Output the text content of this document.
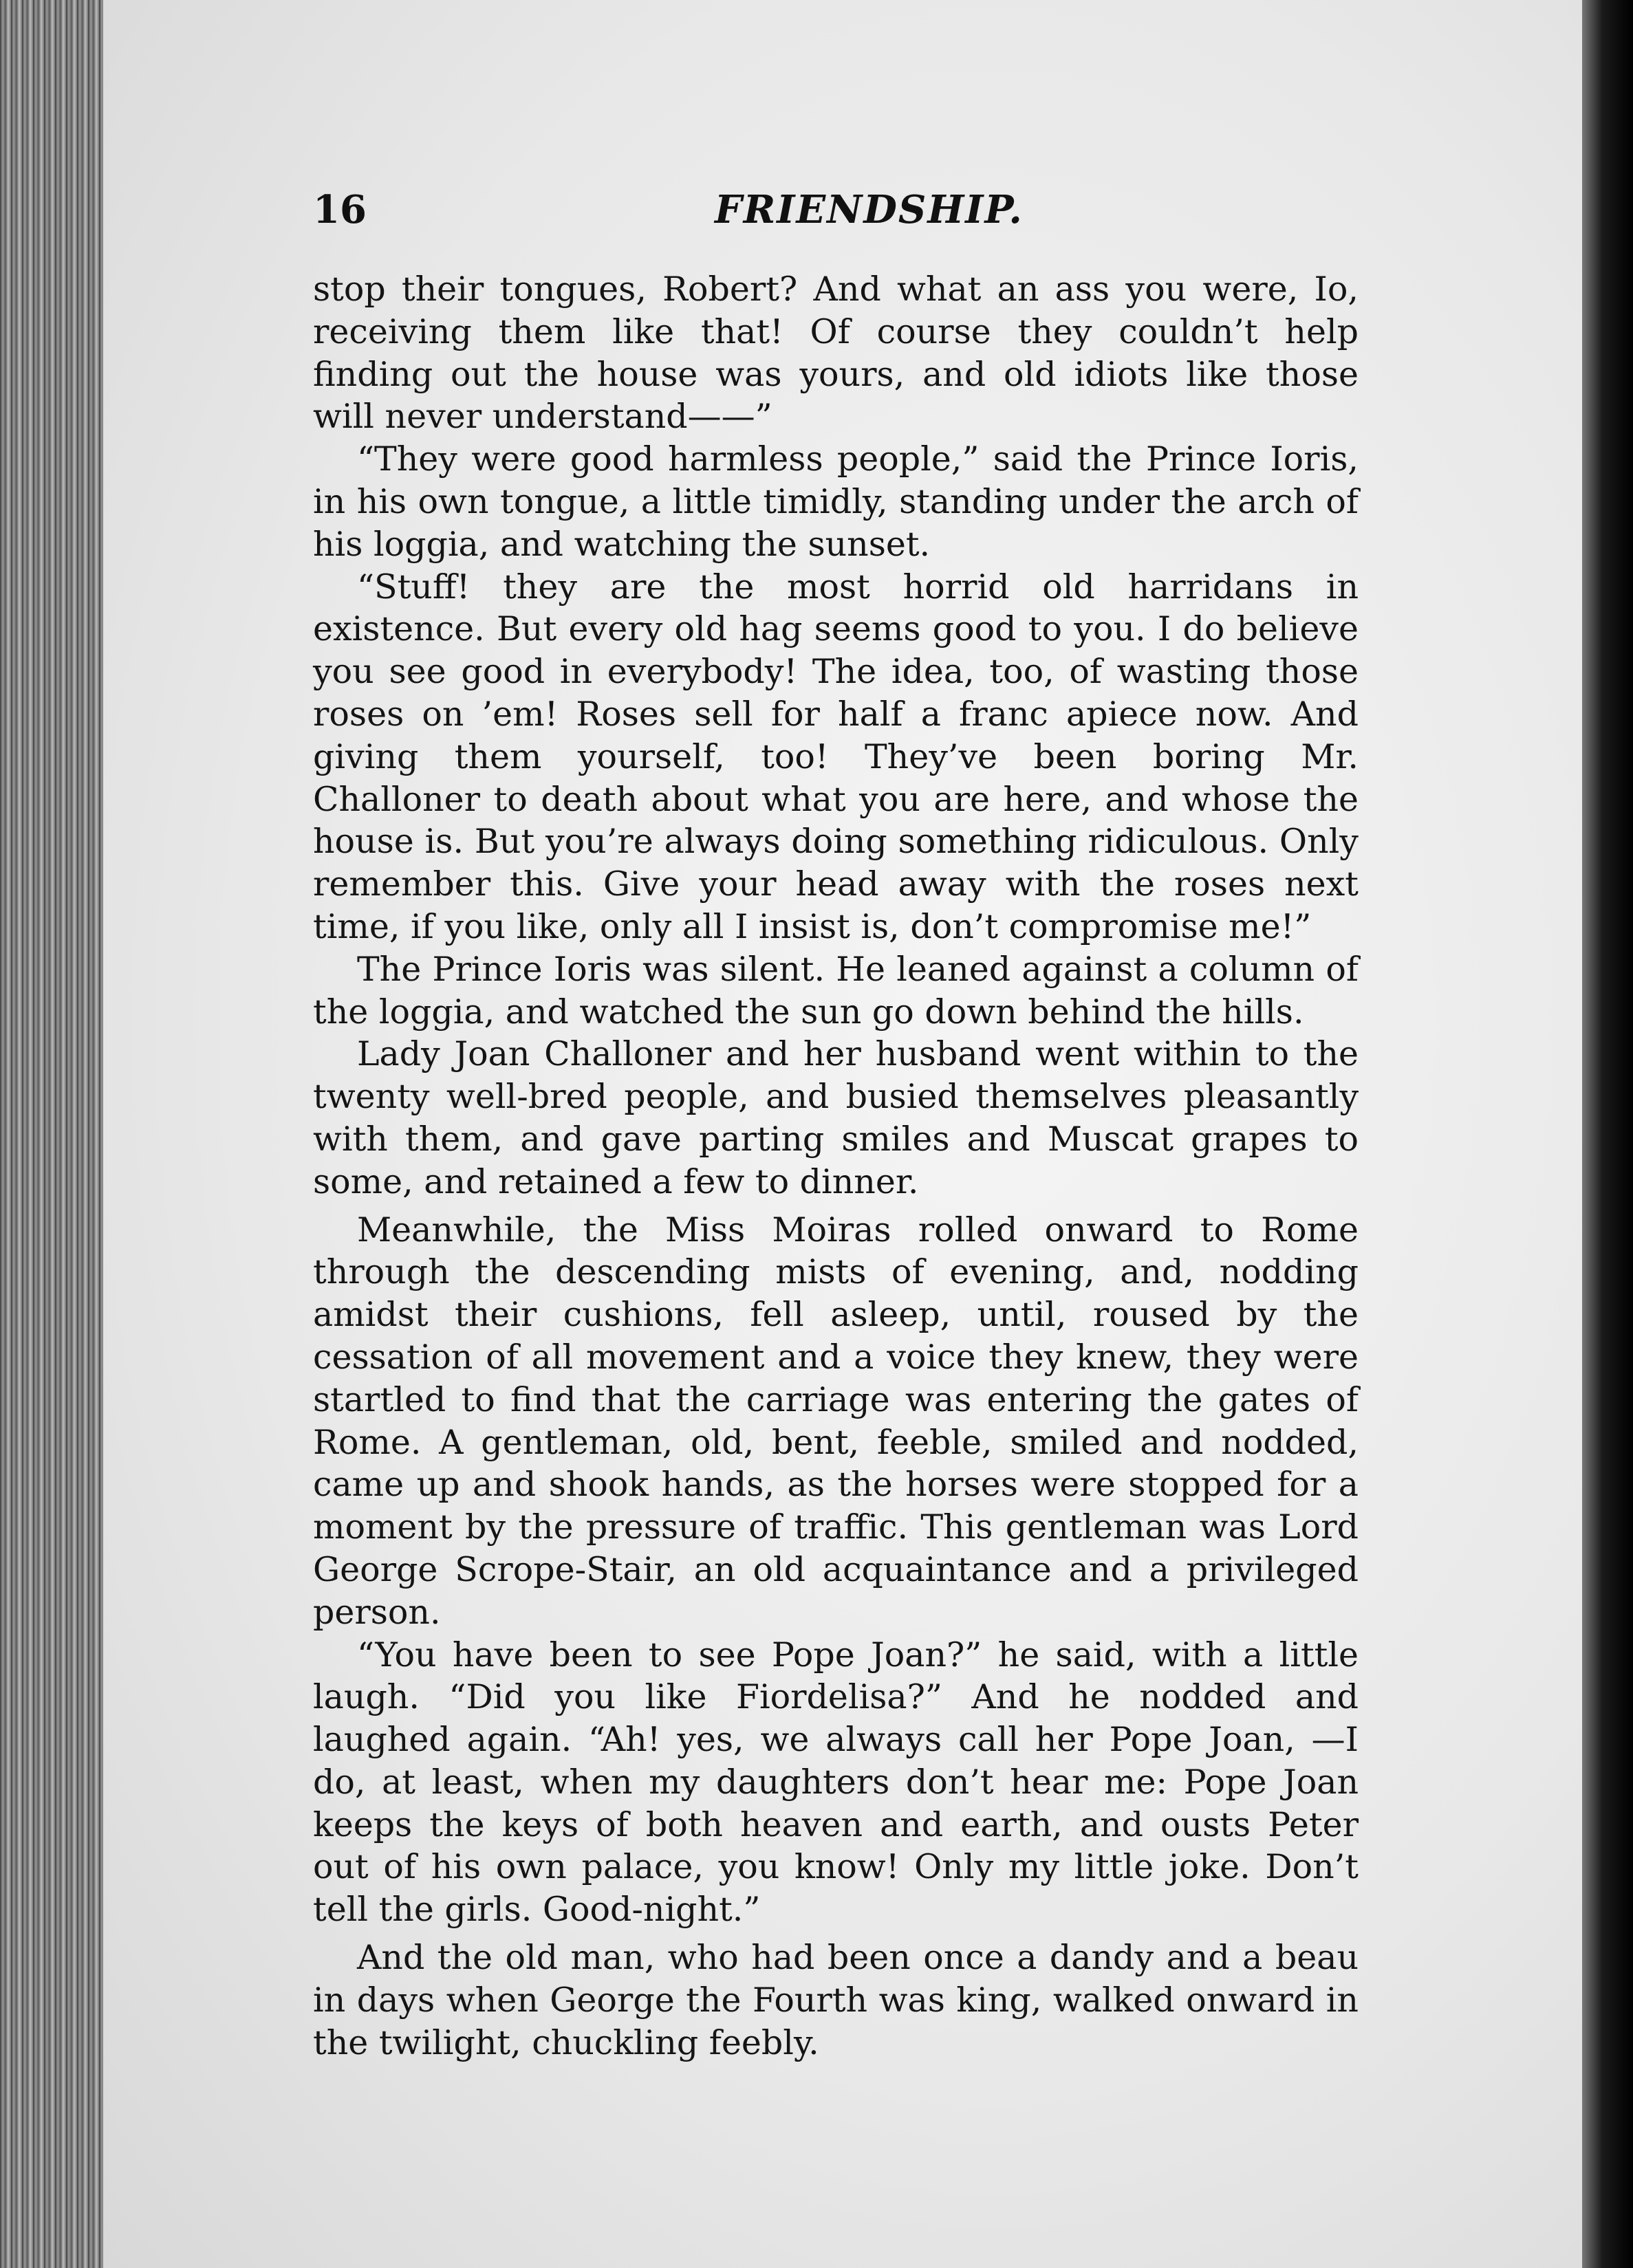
16	FRIENDSHIP.

stop their tongues, Robert? And what an ass you were, Io, receiving them like that! Of course they couldn’t help finding out the house was yours, and old idiots like those will never understand——”

“They were good harmless people,” said the Prince Ioris, in his own tongue, a little timidly, standing under the arch of his loggia, and watching the sunset.

“Stuff! they are the most horrid old harridans in existence. But every old hag seems good to you. I do believe you see good in everybody! The idea, too, of wasting those roses on ’em! Roses sell for half a franc apiece now. And giving them yourself, too! They’ve been boring Mr. Challoner to death about what you are here, and whose the house is. But you’re always doing something ridiculous. Only remember this. Give your head away with the roses next time, if you like, only all I insist is, don’t compromise me!”

The Prince Ioris was silent. He leaned against a column of the loggia, and watched the sun go down behind the hills.

Lady Joan Challoner and her husband went within to the twenty well-bred people, and busied themselves pleasantly with them, and gave parting smiles and Muscat grapes to some, and retained a few to dinner.

Meanwhile, the Miss Moiras rolled onward to Rome through the descending mists of evening, and, nodding amidst their cushions, fell asleep, until, roused by the cessation of all movement and a voice they knew, they were startled to find that the carriage was entering the gates of Rome. A gentleman, old, bent, feeble, smiled and nodded, came up and shook hands, as the horses were stopped for a moment by the pressure of traffic. This gentleman was Lord George Scrope-Stair, an old acquaintance and a privileged person.

“You have been to see Pope Joan?” he said, with a little laugh. “Did you like Fiordelisa?” And he nodded and laughed again. “Ah! yes, we always call her Pope Joan, —I do, at least, when my daughters don’t hear me: Pope Joan keeps the keys of both heaven and earth, and ousts Peter out of his own palace, you know! Only my little joke. Don’t tell the girls. Good-night.”

And the old man, who had been once a dandy and a beau in days when George the Fourth was king, walked onward in the twilight, chuckling feebly.
